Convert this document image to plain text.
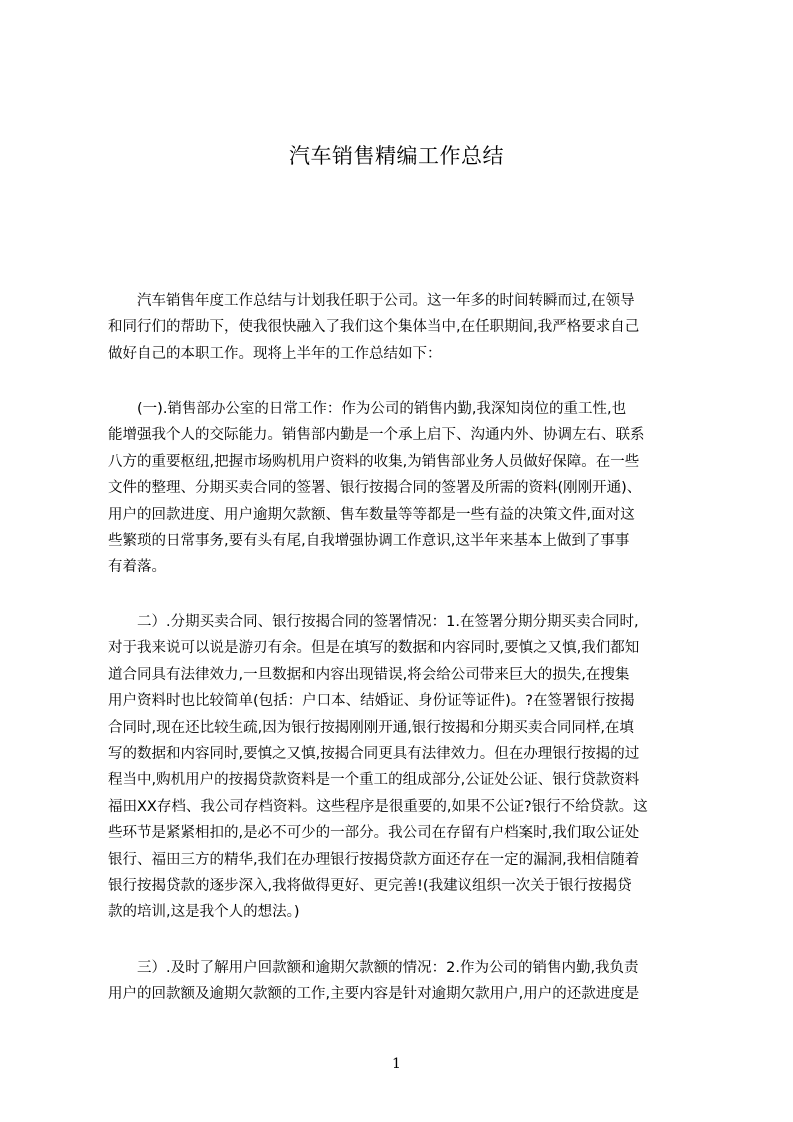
汽车销售精编工作总结
汽车销售年度工作总结与计划我任职于公司。这一年多的时间转瞬而过,在领导
和同行们的帮助下，使我很快融入了我们这个集体当中,在任职期间,我严格要求自己
做好自己的本职工作。现将上半年的工作总结如下：
(一).销售部办公室的日常工作：作为公司的销售内勤,我深知岗位的重工性,也
能增强我个人的交际能力。销售部内勤是一个承上启下、沟通内外、协调左右、联系
八方的重要枢纽,把握市场购机用户资料的收集,为销售部业务人员做好保障。在一些
文件的整理、分期买卖合同的签署、银行按揭合同的签署及所需的资料(刚刚开通)、
用户的回款进度、用户逾期欠款额、售车数量等等都是一些有益的决策文件,面对这
些繁琐的日常事务,要有头有尾,自我增强协调工作意识,这半年来基本上做到了事事
有着落。
二）.分期买卖合同、银行按揭合同的签署情况：1.在签署分期分期买卖合同时,
对于我来说可以说是游刃有余。但是在填写的数据和内容同时,要慎之又慎,我们都知
道合同具有法律效力,一旦数据和内容出现错误,将会给公司带来巨大的损失,在搜集
用户资料时也比较简单(包括：户口本、结婚证、身份证等证件)。?在签署银行按揭
合同时,现在还比较生疏,因为银行按揭刚刚开通,银行按揭和分期买卖合同同样,在填
写的数据和内容同时,要慎之又慎,按揭合同更具有法律效力。但在办理银行按揭的过
程当中,购机用户的按揭贷款资料是一个重工的组成部分,公证处公证、银行贷款资料
福田XX存档、我公司存档资料。这些程序是很重要的,如果不公证?银行不给贷款。这
些环节是紧紧相扣的,是必不可少的一部分。我公司在存留有户档案时,我们取公证处
银行、福田三方的精华,我们在办理银行按揭贷款方面还存在一定的漏洞,我相信随着
银行按揭贷款的逐步深入,我将做得更好、更完善!(我建议组织一次关于银行按揭贷
款的培训,这是我个人的想法。)
三）.及时了解用户回款额和逾期欠款额的情况：2.作为公司的销售内勤,我负责
用户的回款额及逾期欠款额的工作,主要内容是针对逾期欠款用户,用户的还款进度是
1
